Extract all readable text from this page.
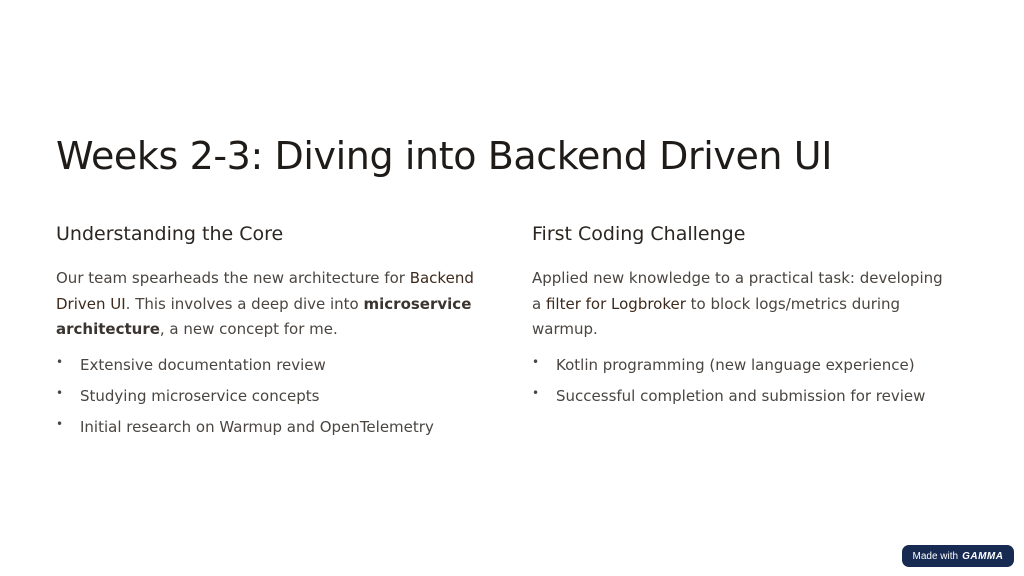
Weeks 2-3: Diving into Backend Driven UI
Understanding the Core

Our team spearheads the new architecture for Backend Driven UI. This involves a deep dive into microservice architecture, a new concept for me.

• Extensive documentation review
• Studying microservice concepts
• Initial research on Warmup and OpenTelemetry
First Coding Challenge

Applied new knowledge to a practical task: developing a filter for Logbroker to block logs/metrics during warmup.

• Kotlin programming (new language experience)
• Successful completion and submission for review
Made with GAMMA
